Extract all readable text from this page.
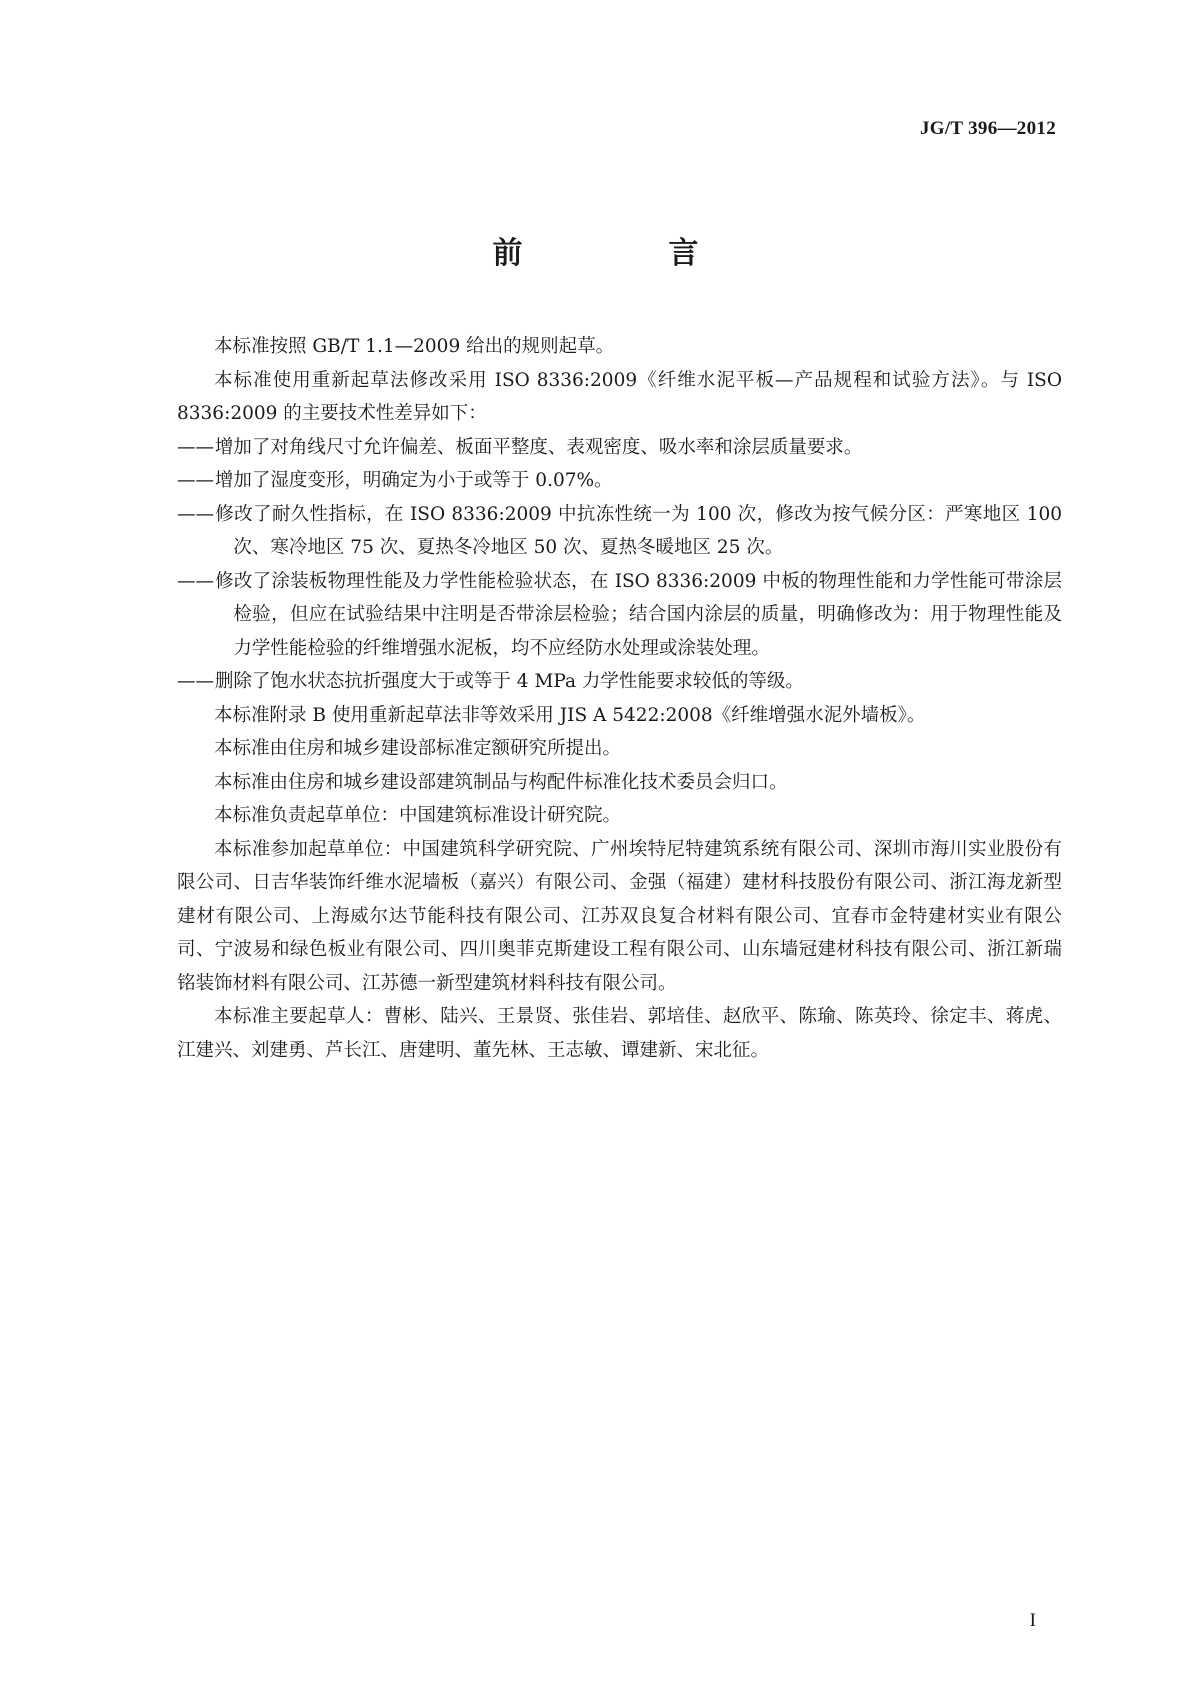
JG/T 396—2012
前　言

本标准按照 GB/T 1.1—2009 给出的规则起草。

本标准使用重新起草法修改采用 ISO 8336:2009《纤维水泥平板—产品规程和试验方法》。与 ISO 8336:2009 的主要技术性差异如下：

——增加了对角线尺寸允许偏差、板面平整度、表观密度、吸水率和涂层质量要求。

——增加了湿度变形，明确定为小于或等于 0.07%。

——修改了耐久性指标，在 ISO 8336:2009 中抗冻性统一为 100 次，修改为按气候分区：严寒地区 100 次、寒冷地区 75 次、夏热冬冷地区 50 次、夏热冬暖地区 25 次。

——修改了涂装板物理性能及力学性能检验状态，在 ISO 8336:2009 中板的物理性能和力学性能可带涂层检验，但应在试验结果中注明是否带涂层检验；结合国内涂层的质量，明确修改为：用于物理性能及力学性能检验的纤维增强水泥板，均不应经防水处理或涂装处理。

——删除了饱水状态抗折强度大于或等于 4 MPa 力学性能要求较低的等级。

本标准附录 B 使用重新起草法非等效采用 JIS A 5422:2008《纤维增强水泥外墙板》。

本标准由住房和城乡建设部标准定额研究所提出。

本标准由住房和城乡建设部建筑制品与构配件标准化技术委员会归口。

本标准负责起草单位：中国建筑标准设计研究院。

本标准参加起草单位：中国建筑科学研究院、广州埃特尼特建筑系统有限公司、深圳市海川实业股份有限公司、日吉华装饰纤维水泥墙板（嘉兴）有限公司、金强（福建）建材科技股份有限公司、浙江海龙新型建材有限公司、上海威尔达节能科技有限公司、江苏双良复合材料有限公司、宜春市金特建材实业有限公司、宁波易和绿色板业有限公司、四川奥菲克斯建设工程有限公司、山东墙冠建材科技有限公司、浙江新瑞铭装饰材料有限公司、江苏德一新型建筑材料科技有限公司。

本标准主要起草人：曹彬、陆兴、王景贤、张佳岩、郭培佳、赵欣平、陈瑜、陈英玲、徐定丰、蒋虎、江建兴、刘建勇、芦长江、唐建明、董先林、王志敏、谭建新、宋北征。

I
